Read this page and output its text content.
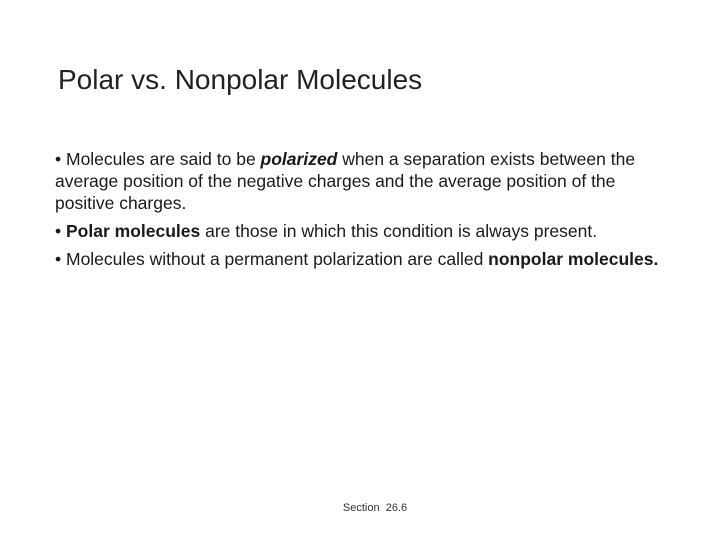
Polar vs. Nonpolar Molecules

• Molecules are said to be polarized when a separation exists between the average position of the negative charges and the average position of the positive charges.

• Polar molecules are those in which this condition is always present.

• Molecules without a permanent polarization are called nonpolar molecules.

Section 26.6
